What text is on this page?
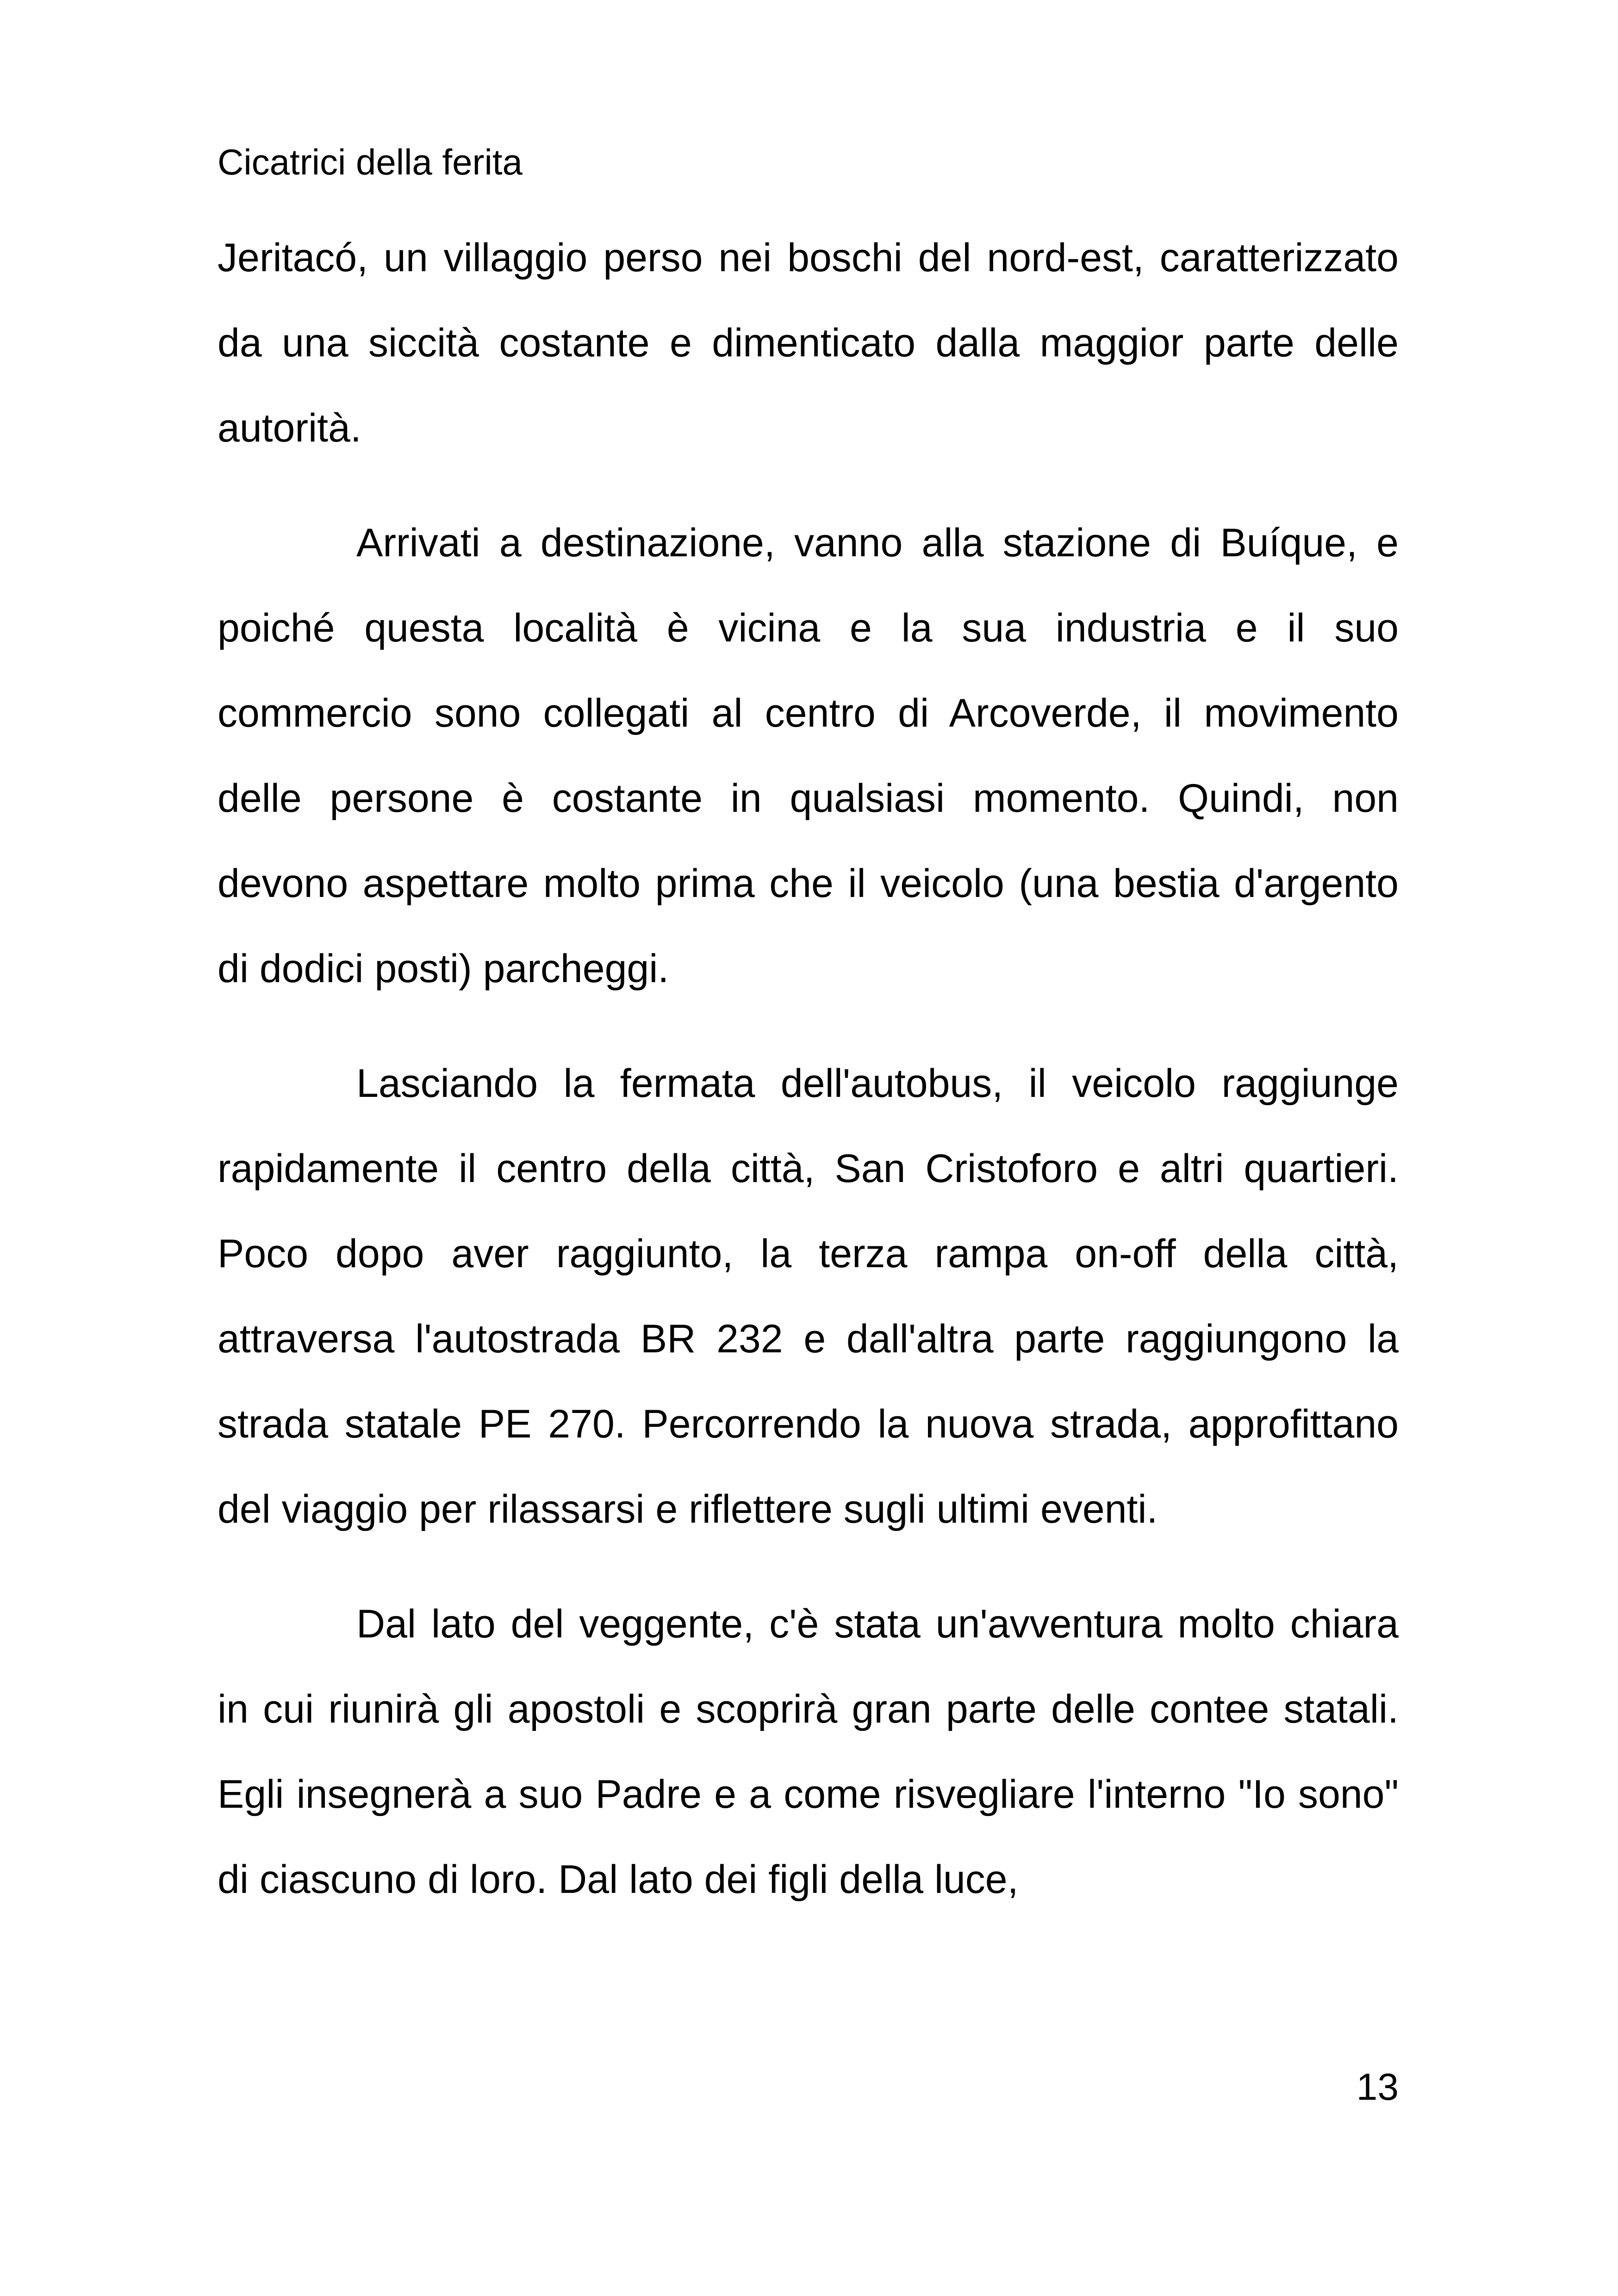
Cicatrici della ferita

Jeritacó, un villaggio perso nei boschi del nord-est, caratterizzato da una siccità costante e dimenticato dalla maggior parte delle autorità.

Arrivati a destinazione, vanno alla stazione di Buíque, e poiché questa località è vicina e la sua industria e il suo commercio sono collegati al centro di Arcoverde, il movimento delle persone è costante in qualsiasi momento. Quindi, non devono aspettare molto prima che il veicolo (una bestia d'argento di dodici posti) parcheggi.

Lasciando la fermata dell'autobus, il veicolo raggiunge rapidamente il centro della città, San Cristoforo e altri quartieri. Poco dopo aver raggiunto, la terza rampa on-off della città, attraversa l'autostrada BR 232 e dall'altra parte raggiungono la strada statale PE 270. Percorrendo la nuova strada, approfittano del viaggio per rilassarsi e riflettere sugli ultimi eventi.

Dal lato del veggente, c'è stata un'avventura molto chiara in cui riunirà gli apostoli e scoprirà gran parte delle contee statali. Egli insegnerà a suo Padre e a come risvegliare l'interno "Io sono" di ciascuno di loro. Dal lato dei figli della luce,

13
